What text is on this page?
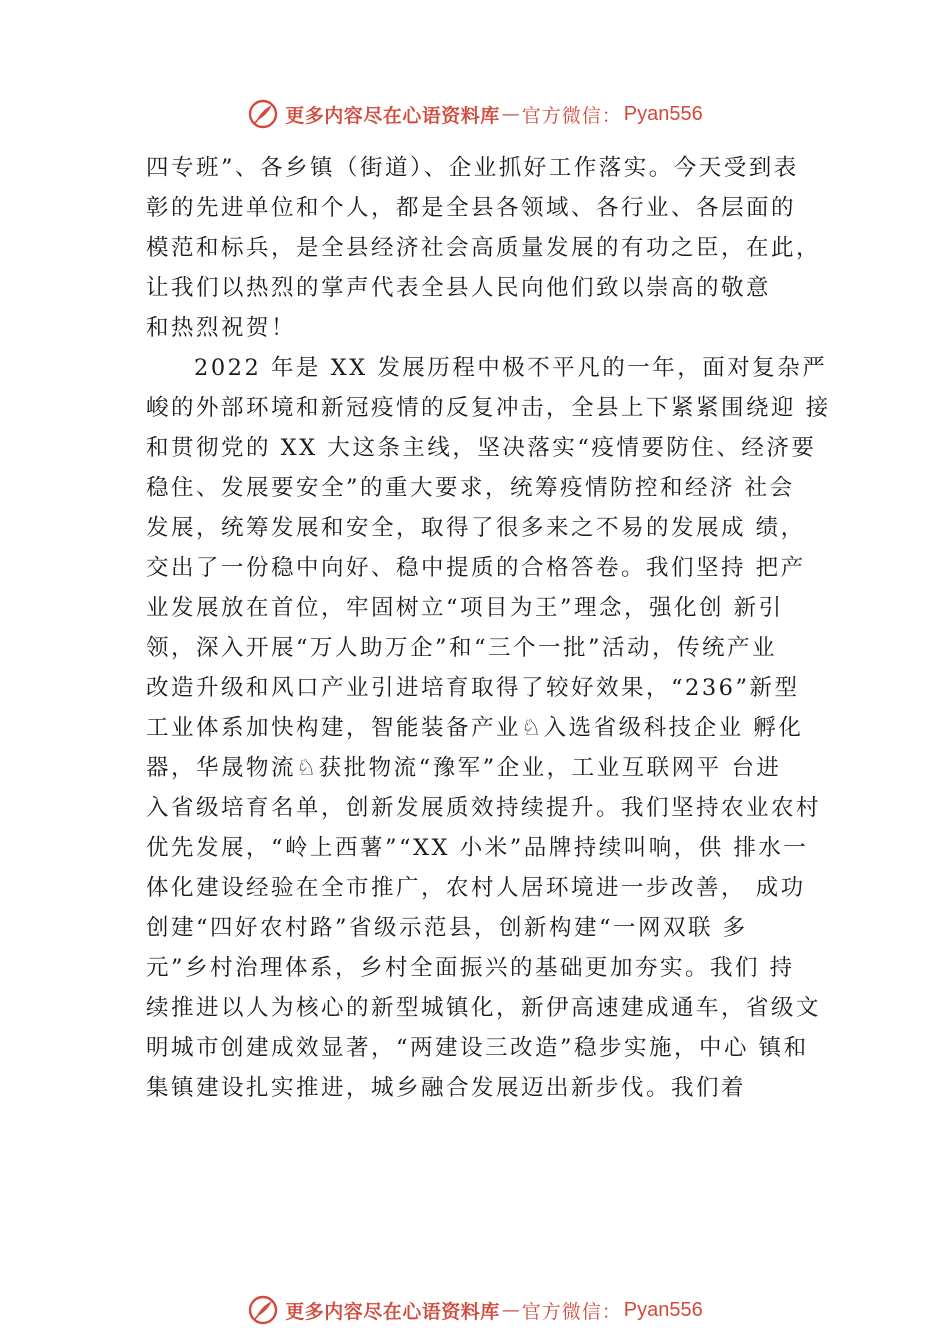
更多内容尽在心语资料库 — 官方微信： Pyan556
四专班”、各乡镇（街道）、企业抓好工作落实。今天受到表
彰的先进单位和个人，都是全县各领域、各行业、各层面的
模范和标兵，是全县经济社会高质量发展的有功之臣，在此，
让我们以热烈的掌声代表全县人民向他们致以崇高的敬意
和热烈祝贺！
2022 年是 XX 发展历程中极不平凡的一年，面对复杂严
峻的外部环境和新冠疫情的反复冲击，全县上下紧紧围绕迎 接
和贯彻党的 XX 大这条主线，坚决落实“疫情要防住、经济要
稳住、发展要安全”的重大要求，统筹疫情防控和经济 社会
发展，统筹发展和安全，取得了很多来之不易的发展成 绩，
交出了一份稳中向好、稳中提质的合格答卷。我们坚持 把产
业发展放在首位，牢固树立“项目为王”理念，强化创 新引
领，深入开展“万人助万企”和“三个一批”活动，传统产业
改造升级和风口产业引进培育取得了较好效果，“236”新型
工业体系加快构建，智能装备产业♘入选省级科技企业 孵化
器，华晟物流♘获批物流“豫军”企业，工业互联网平 台进
入省级培育名单，创新发展质效持续提升。我们坚持农业农村
优先发展，“岭上西薯”“XX 小米”品牌持续叫响，供 排水一
体化建设经验在全市推广，农村人居环境进一步改善， 成功
创建“四好农村路”省级示范县，创新构建“一网双联 多
元”乡村治理体系，乡村全面振兴的基础更加夯实。我们 持
续推进以人为核心的新型城镇化，新伊高速建成通车，省级文
明城市创建成效显著，“两建设三改造”稳步实施，中心 镇和
集镇建设扎实推进，城乡融合发展迈出新步伐。我们着
更多内容尽在心语资料库 — 官方微信： Pyan556
